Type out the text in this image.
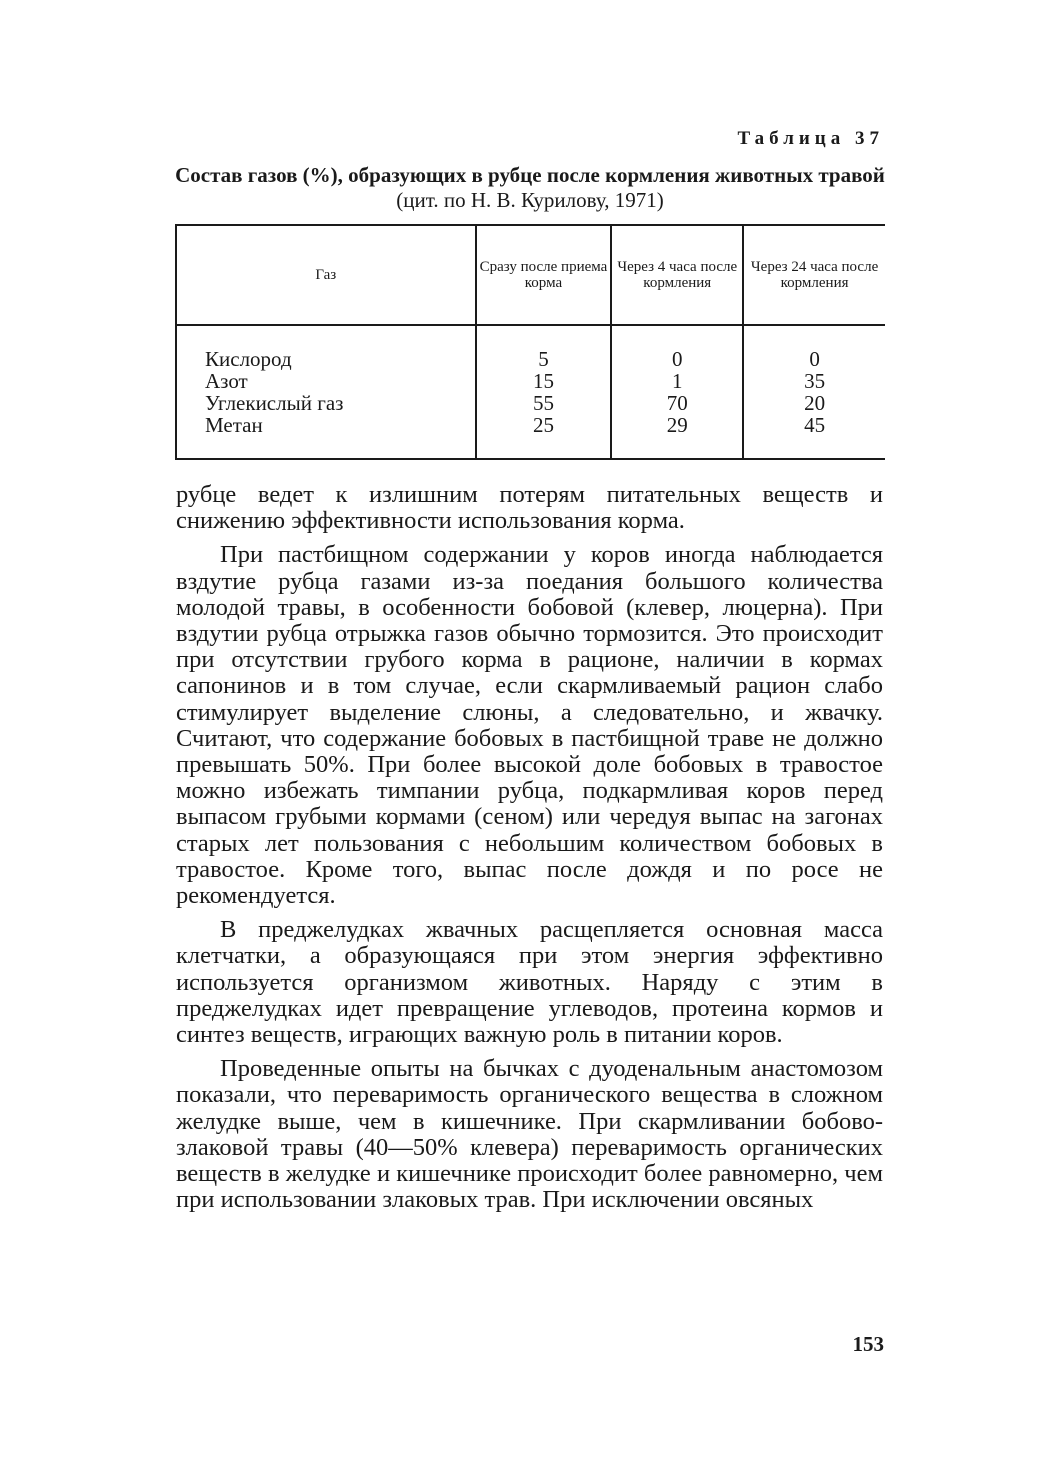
Таблица 37
Состав газов (%), образующих в рубце после кормления животных травой (цит. по Н. В. Курилову, 1971)
Газ	Сразу после приема корма	Через 4 часа после кормления	Через 24 часа после кормления
Кислород	5	0	0
Азот	15	1	35
Углекислый газ	55	70	20
Метан	25	29	45

рубце ведет к излишним потерям питательных веществ и снижению эффективности использования корма.

При пастбищном содержании у коров иногда наблюдается вздутие рубца газами из-за поедания большого количества молодой травы, в особенности бобовой (клевер, люцерна). При вздутии рубца отрыжка газов обычно тормозится. Это происходит при отсутствии грубого корма в рационе, наличии в кормах сапонинов и в том случае, если скармливаемый рацион слабо стимулирует выделение слюны, а следовательно, и жвачку. Считают, что содержание бобовых в пастбищной траве не должно превышать 50%. При более высокой доле бобовых в травостое можно избежать тимпании рубца, подкармливая коров перед выпасом грубыми кормами (сеном) или чередуя выпас на загонах старых лет пользования с небольшим количеством бобовых в травостое. Кроме того, выпас после дождя и по росе не рекомендуется.

В преджелудках жвачных расщепляется основная масса клетчатки, а образующаяся при этом энергия эффективно используется организмом животных. Наряду с этим в преджелудках идет превращение углеводов, протеина кормов и синтез веществ, играющих важную роль в питании коров.

Проведенные опыты на бычках с дуоденальным анастомозом показали, что переваримость органического вещества в сложном желудке выше, чем в кишечнике. При скармливании бобово-злаковой травы (40—50% клевера) переваримость органических веществ в желудке и кишечнике происходит более равномерно, чем при использовании злаковых трав. При исключении овсяных

153
